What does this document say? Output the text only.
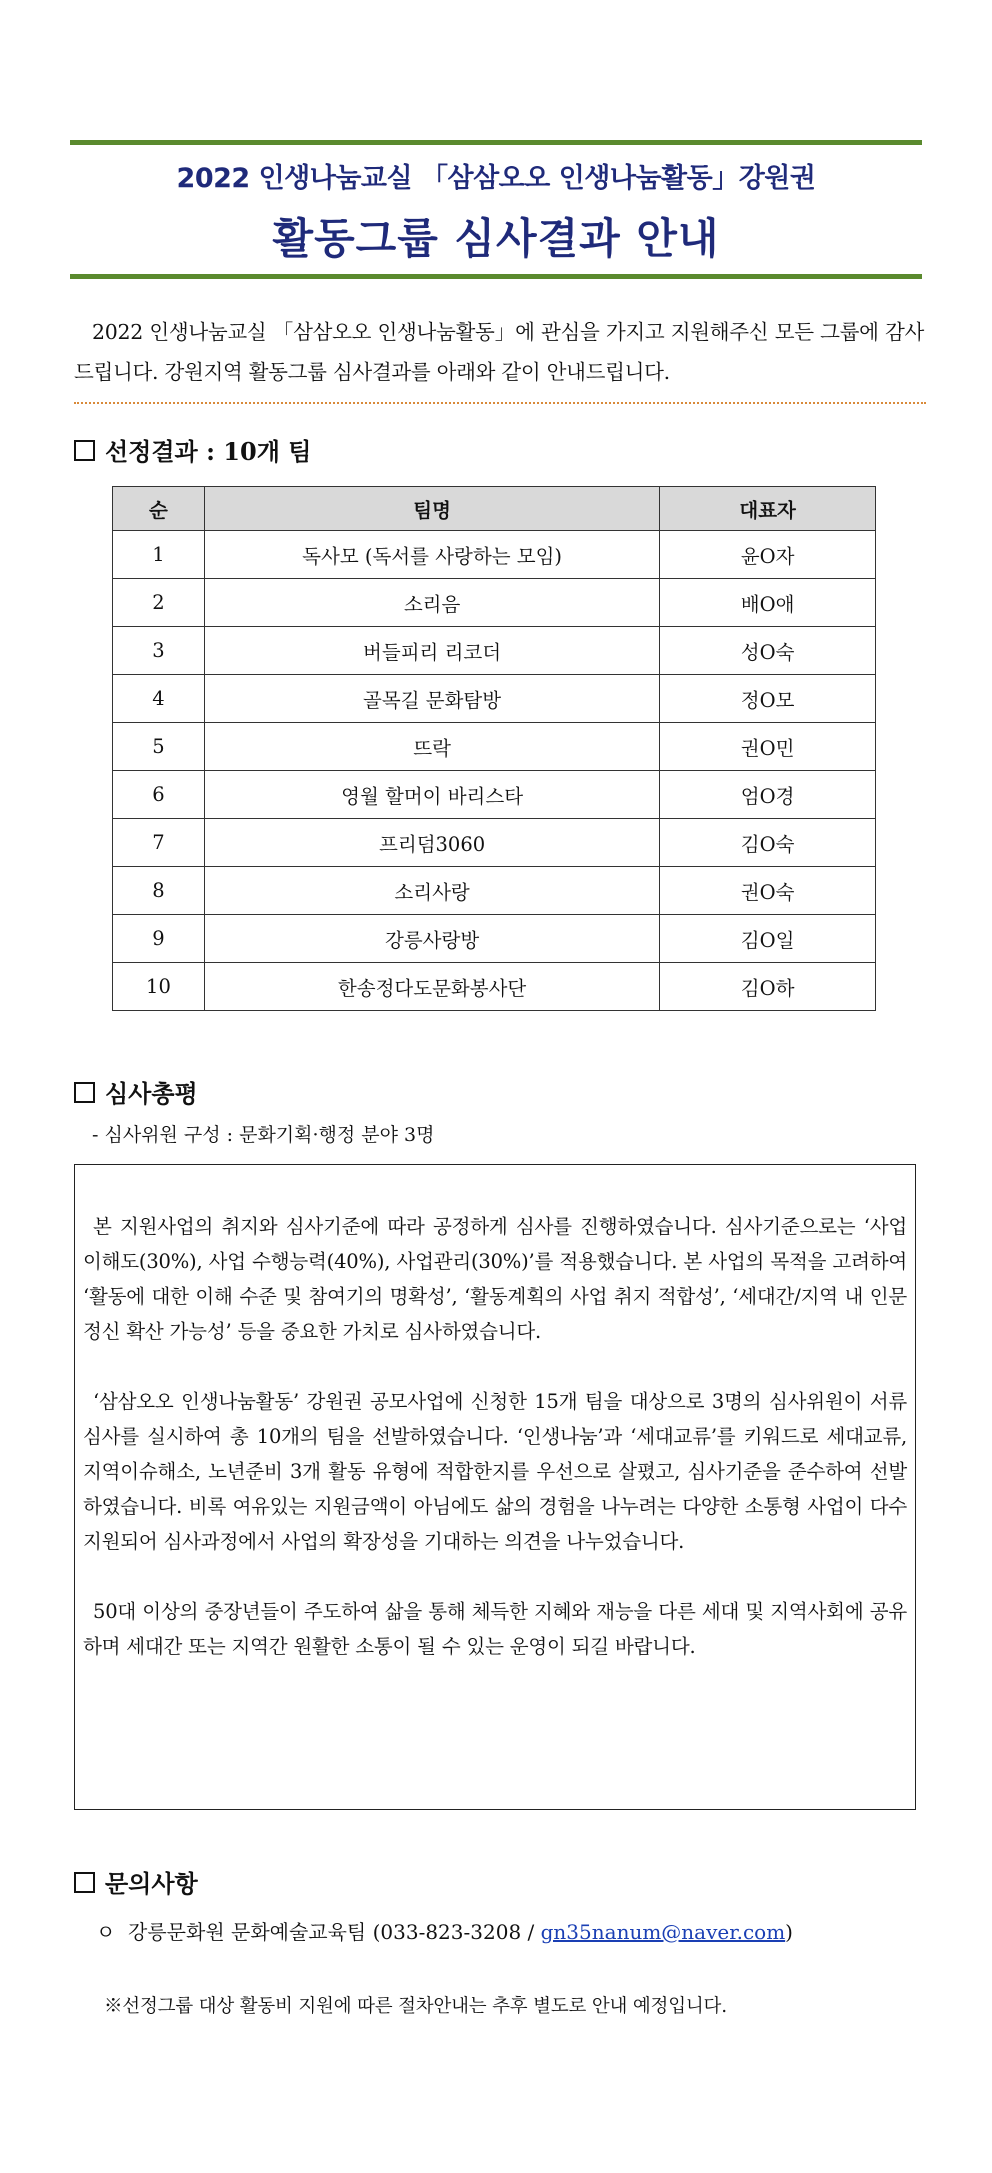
2022 인생나눔교실 「삼삼오오 인생나눔활동」강원권
활동그룹 심사결과 안내
2022 인생나눔교실 「삼삼오오 인생나눔활동」에 관심을 가지고 지원해주신 모든 그룹에 감사드립니다. 강원지역 활동그룹 심사결과를 아래와 같이 안내드립니다.
선정결과 : 10개 팀
순	팀명	대표자
1	독사모 (독서를 사랑하는 모임)	윤O자
2	소리음	배O애
3	버들피리 리코더	성O숙
4	골목길 문화탐방	정O모
5	뜨락	권O민
6	영월 할머이 바리스타	엄O경
7	프리덤3060	김O숙
8	소리사랑	권O숙
9	강릉사랑방	김O일
10	한송정다도문화봉사단	김O하
심사총평
- 심사위원 구성 : 문화기획·행정 분야 3명

본 지원사업의 취지와 심사기준에 따라 공정하게 심사를 진행하였습니다. 심사기준으로는 ‘사업 이해도(30%), 사업 수행능력(40%), 사업관리(30%)’를 적용했습니다. 본 사업의 목적을 고려하여 ‘활동에 대한 이해 수준 및 참여기의 명확성’, ‘활동계획의 사업 취지 적합성’, ‘세대간/지역 내 인문정신 확산 가능성’ 등을 중요한 가치로 심사하였습니다.

‘삼삼오오 인생나눔활동’ 강원권 공모사업에 신청한 15개 팀을 대상으로 3명의 심사위원이 서류심사를 실시하여 총 10개의 팀을 선발하였습니다. ‘인생나눔’과 ‘세대교류’를 키워드로 세대교류, 지역이슈해소, 노년준비 3개 활동 유형에 적합한지를 우선으로 살폈고, 심사기준을 준수하여 선발하였습니다. 비록 여유있는 지원금액이 아님에도 삶의 경험을 나누려는 다양한 소통형 사업이 다수 지원되어 심사과정에서 사업의 확장성을 기대하는 의견을 나누었습니다.

50대 이상의 중장년들이 주도하여 삶을 통해 체득한 지혜와 재능을 다른 세대 및 지역사회에 공유하며 세대간 또는 지역간 원활한 소통이 될 수 있는 운영이 되길 바랍니다.

문의사항
ㅇ 강릉문화원 문화예술교육팀 (033-823-3208 / gn35nanum@naver.com)
※선정그룹 대상 활동비 지원에 따른 절차안내는 추후 별도로 안내 예정입니다.
